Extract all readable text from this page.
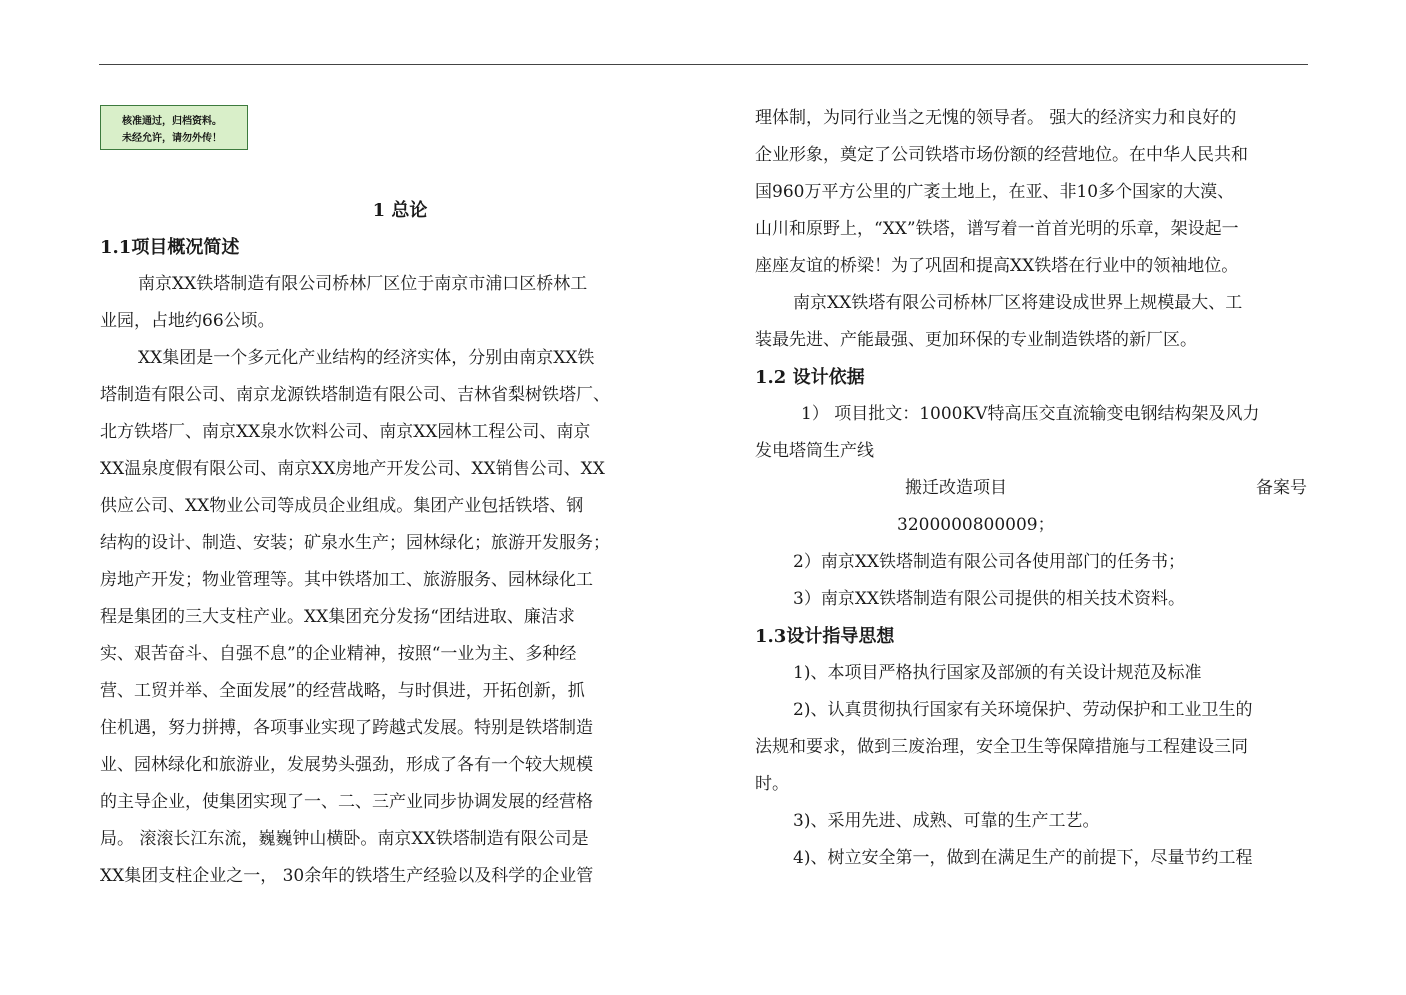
核准通过，归档资料。
未经允许，请勿外传！
1 总论
1.1项目概况简述
南京XX铁塔制造有限公司桥林厂区位于南京市浦口区桥林工
业园，占地约66公顷。
XX集团是一个多元化产业结构的经济实体，分别由南京XX铁
塔制造有限公司、南京龙源铁塔制造有限公司、吉林省梨树铁塔厂、
北方铁塔厂、南京XX泉水饮料公司、南京XX园林工程公司、南京
XX温泉度假有限公司、南京XX房地产开发公司、XX销售公司、XX
供应公司、XX物业公司等成员企业组成。集团产业包括铁塔、钢
结构的设计、制造、安装；矿泉水生产；园林绿化；旅游开发服务；
房地产开发；物业管理等。其中铁塔加工、旅游服务、园林绿化工
程是集团的三大支柱产业。XX集团充分发扬“团结进取、廉洁求
实、艰苦奋斗、自强不息”的企业精神，按照“一业为主、多种经
营、工贸并举、全面发展”的经营战略，与时俱进，开拓创新，抓
住机遇，努力拼搏，各项事业实现了跨越式发展。特别是铁塔制造
业、园林绿化和旅游业，发展势头强劲，形成了各有一个较大规模
的主导企业，使集团实现了一、二、三产业同步协调发展的经营格
局。 滚滚长江东流，巍巍钟山横卧。南京XX铁塔制造有限公司是
XX集团支柱企业之一， 30余年的铁塔生产经验以及科学的企业管
理体制，为同行业当之无愧的领导者。 强大的经济实力和良好的
企业形象，奠定了公司铁塔市场份额的经营地位。在中华人民共和
国960万平方公里的广袤土地上，在亚、非10多个国家的大漠、
山川和原野上，“XX”铁塔，谱写着一首首光明的乐章，架设起一
座座友谊的桥梁！为了巩固和提高XX铁塔在行业中的领袖地位。
南京XX铁塔有限公司桥林厂区将建设成世界上规模最大、工
装最先进、产能最强、更加环保的专业制造铁塔的新厂区。
1.2 设计依据
1） 项目批文：1000KV特高压交直流输变电钢结构架及风力
发电塔筒生产线
搬迁改造项目	备案号
3200000800009；
2）南京XX铁塔制造有限公司各使用部门的任务书；
3）南京XX铁塔制造有限公司提供的相关技术资料。
1.3设计指导思想
1)、本项目严格执行国家及部颁的有关设计规范及标准
2)、认真贯彻执行国家有关环境保护、劳动保护和工业卫生的
法规和要求，做到三废治理，安全卫生等保障措施与工程建设三同
时。
3)、采用先进、成熟、可靠的生产工艺。
4)、树立安全第一，做到在满足生产的前提下，尽量节约工程
